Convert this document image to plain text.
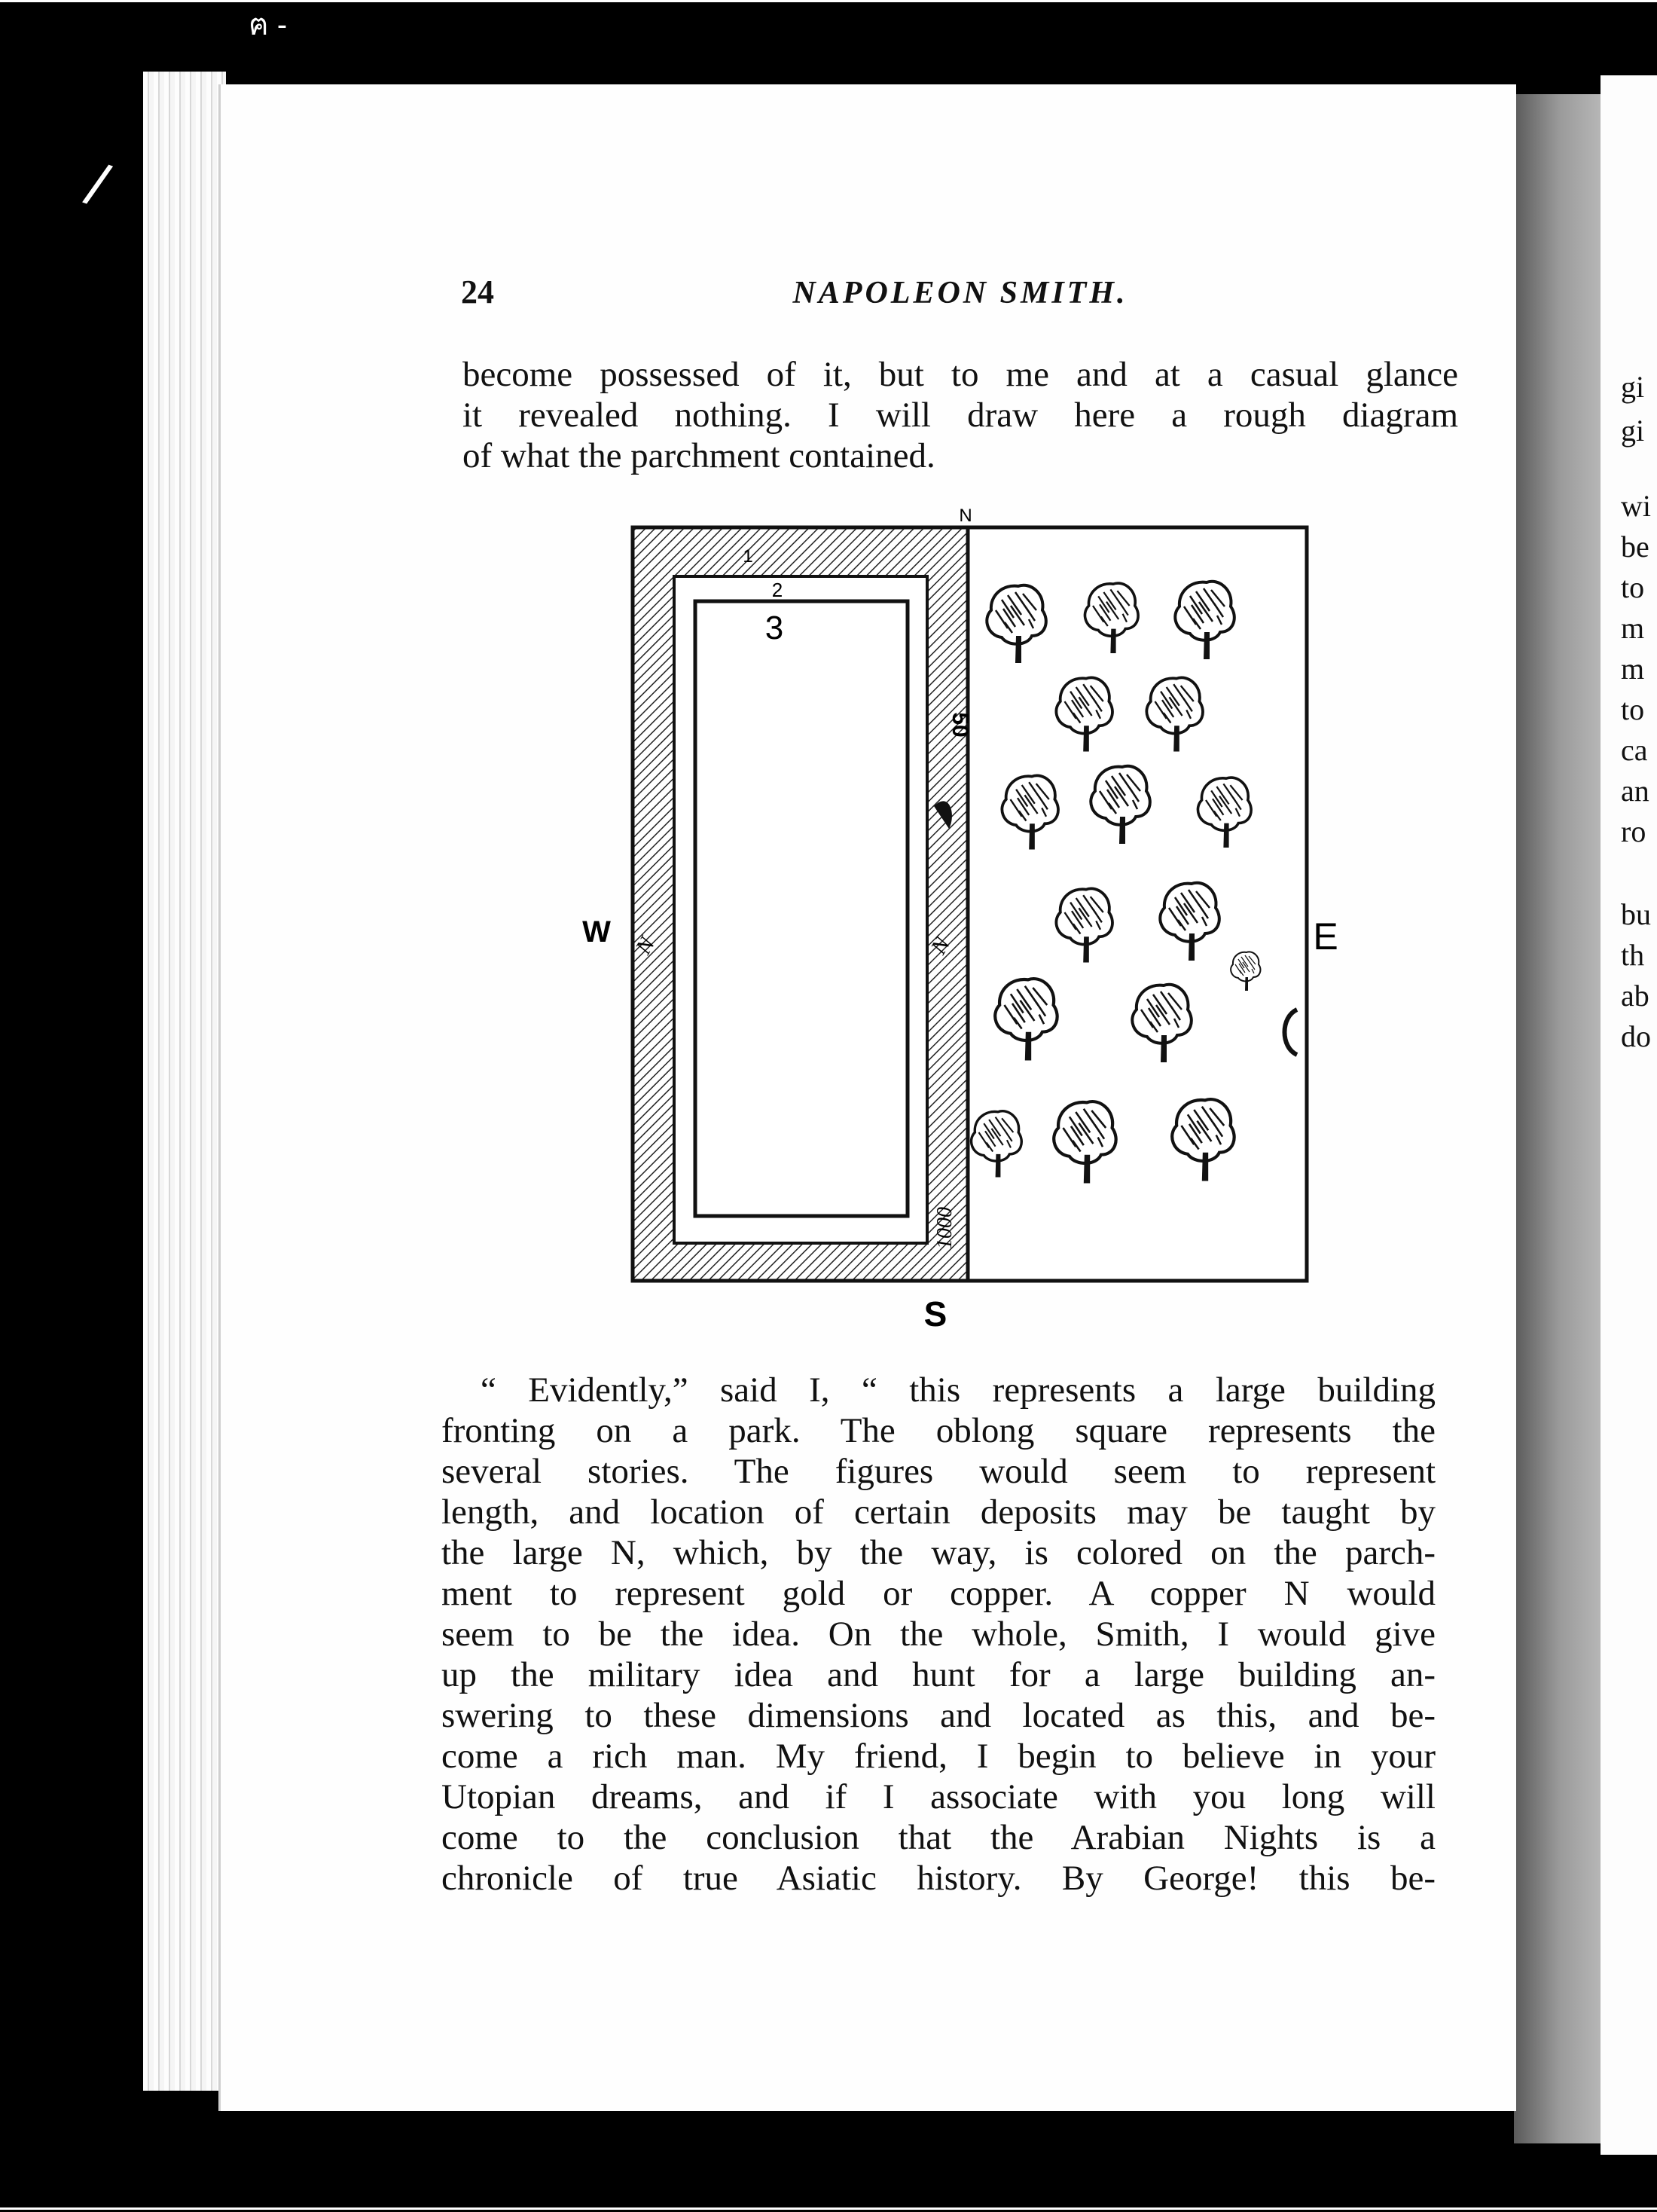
ฅ -
/
gi
gi
wi
be
to
m
m
to
ca
an
ro
bu
th
ab
do
24	NAPOLEON SMITH.
become possessed of it, but to me and at a casual glance
it revealed nothing. I will draw here a rough diagram
of what the parchment contained.
N
S
W	E
1
2
3
50
1000
N	N
“ Evidently,” said I, “ this represents a large building
fronting on a park. The oblong square represents the
several stories. The figures would seem to represent
length, and location of certain deposits may be taught by
the large N, which, by the way, is colored on the parch-
ment to represent gold or copper. A copper N would
seem to be the idea. On the whole, Smith, I would give
up the military idea and hunt for a large building an-
swering to these dimensions and located as this, and be-
come a rich man. My friend, I begin to believe in your
Utopian dreams, and if I associate with you long will
come to the conclusion that the Arabian Nights is a
chronicle of true Asiatic history. By George! this be-
